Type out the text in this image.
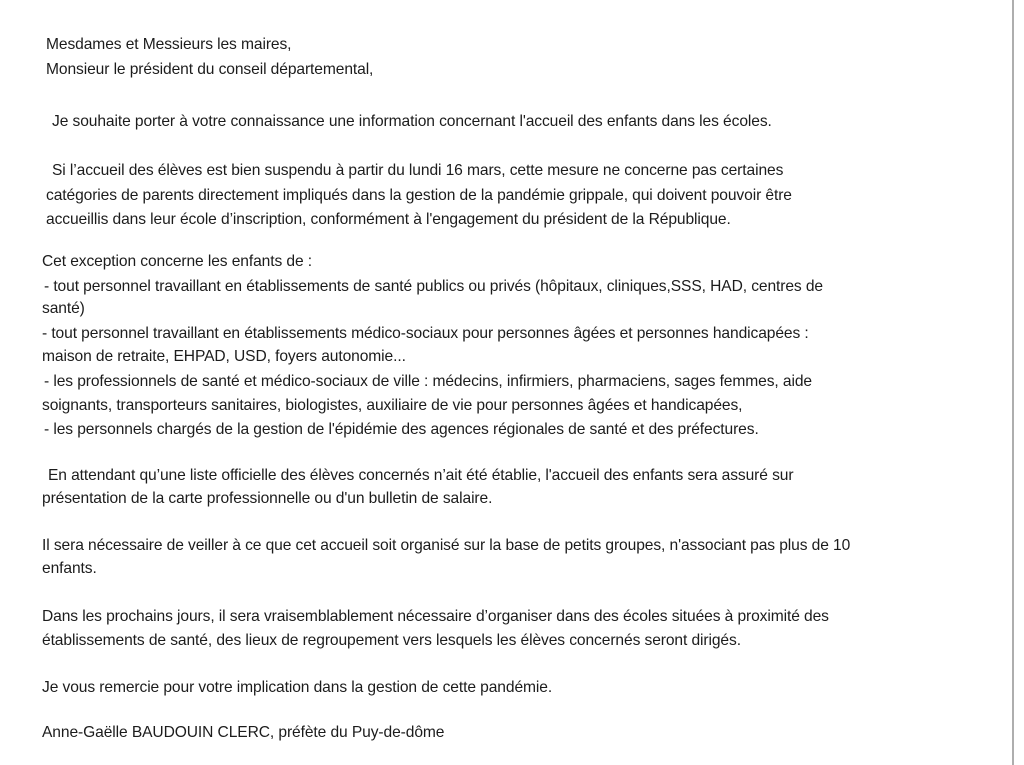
Mesdames et Messieurs les maires,
Monsieur le président du conseil départemental,
Je souhaite porter à votre connaissance une information concernant l'accueil des enfants dans les écoles.
Si l’accueil des élèves est bien suspendu à partir du lundi 16 mars, cette mesure ne concerne pas certaines
catégories de parents directement impliqués dans la gestion de la pandémie grippale, qui doivent pouvoir être
accueillis dans leur école d’inscription, conformément à l'engagement du président de la République.
Cet exception concerne les enfants de :
- tout personnel travaillant en établissements de santé publics ou privés (hôpitaux, cliniques,SSS, HAD, centres de
santé)
- tout personnel travaillant en établissements médico-sociaux pour personnes âgées et personnes handicapées :
maison de retraite, EHPAD, USD, foyers autonomie...
- les professionnels de santé et médico-sociaux de ville : médecins, infirmiers, pharmaciens, sages femmes, aide
soignants, transporteurs sanitaires, biologistes, auxiliaire de vie pour personnes âgées et handicapées,
- les personnels chargés de la gestion de l'épidémie des agences régionales de santé et des préfectures.
En attendant qu’une liste officielle des élèves concernés n’ait été établie, l'accueil des enfants sera assuré sur
présentation de la carte professionnelle ou d'un bulletin de salaire.
Il sera nécessaire de veiller à ce que cet accueil soit organisé sur la base de petits groupes, n'associant pas plus de 10
enfants.
Dans les prochains jours, il sera vraisemblablement nécessaire d’organiser dans des écoles situées à proximité des
établissements de santé, des lieux de regroupement vers lesquels les élèves concernés seront dirigés.
Je vous remercie pour votre implication dans la gestion de cette pandémie.
Anne-Gaëlle BAUDOUIN CLERC, préfète du Puy-de-dôme
